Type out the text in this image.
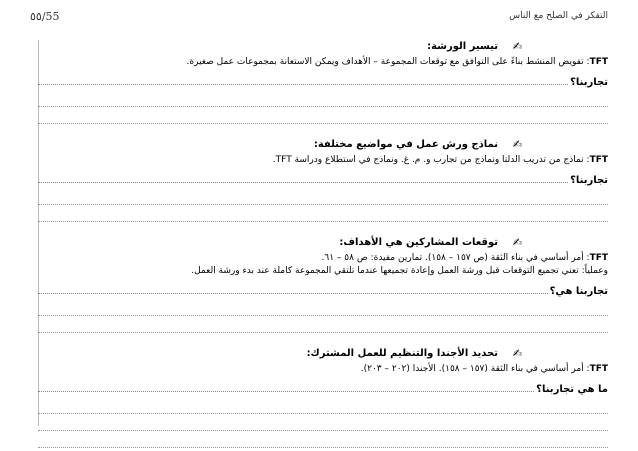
٥٥/55	التفكر في الصلح مع الناس
✍
تيسير الورشة:
TFT: تفويض المنشط بناءً على التوافق مع توقعات المجموعة – الأهداف ويمكن الاستعانة بمجموعات عمل صغيرة.
تجاربنا؟
✍
نماذج ورش عمل في مواضيع مختلفة:
TFT: نماذج من تدريب الدلتا ونماذج من تجارب و. م. غ. ونماذج في استطلاع ودراسة TFT.
تجاربنا؟
✍
توقعات المشاركين هي الأهداف:
TFT: أمر أساسي في بناء الثقة (ص ١٥٧ – ١٥٨). تمارين مفيدة: ص ٥٨ – ٦١.
وعملياً: تعني تجميع التوقعات قبل ورشة العمل وإعادة تجميعها عندما تلتقي المجموعة كاملة عند بدء ورشة العمل.
تجاربنا هي؟
✍
تحديد الأجندا والتنظيم للعمل المشترك:
TFT: أمر أساسي في بناء الثقة (١٥٧ – ١٥٨). الأجندا (٢٠٢ – ٢٠٣).
ما هي تجاربنا؟
